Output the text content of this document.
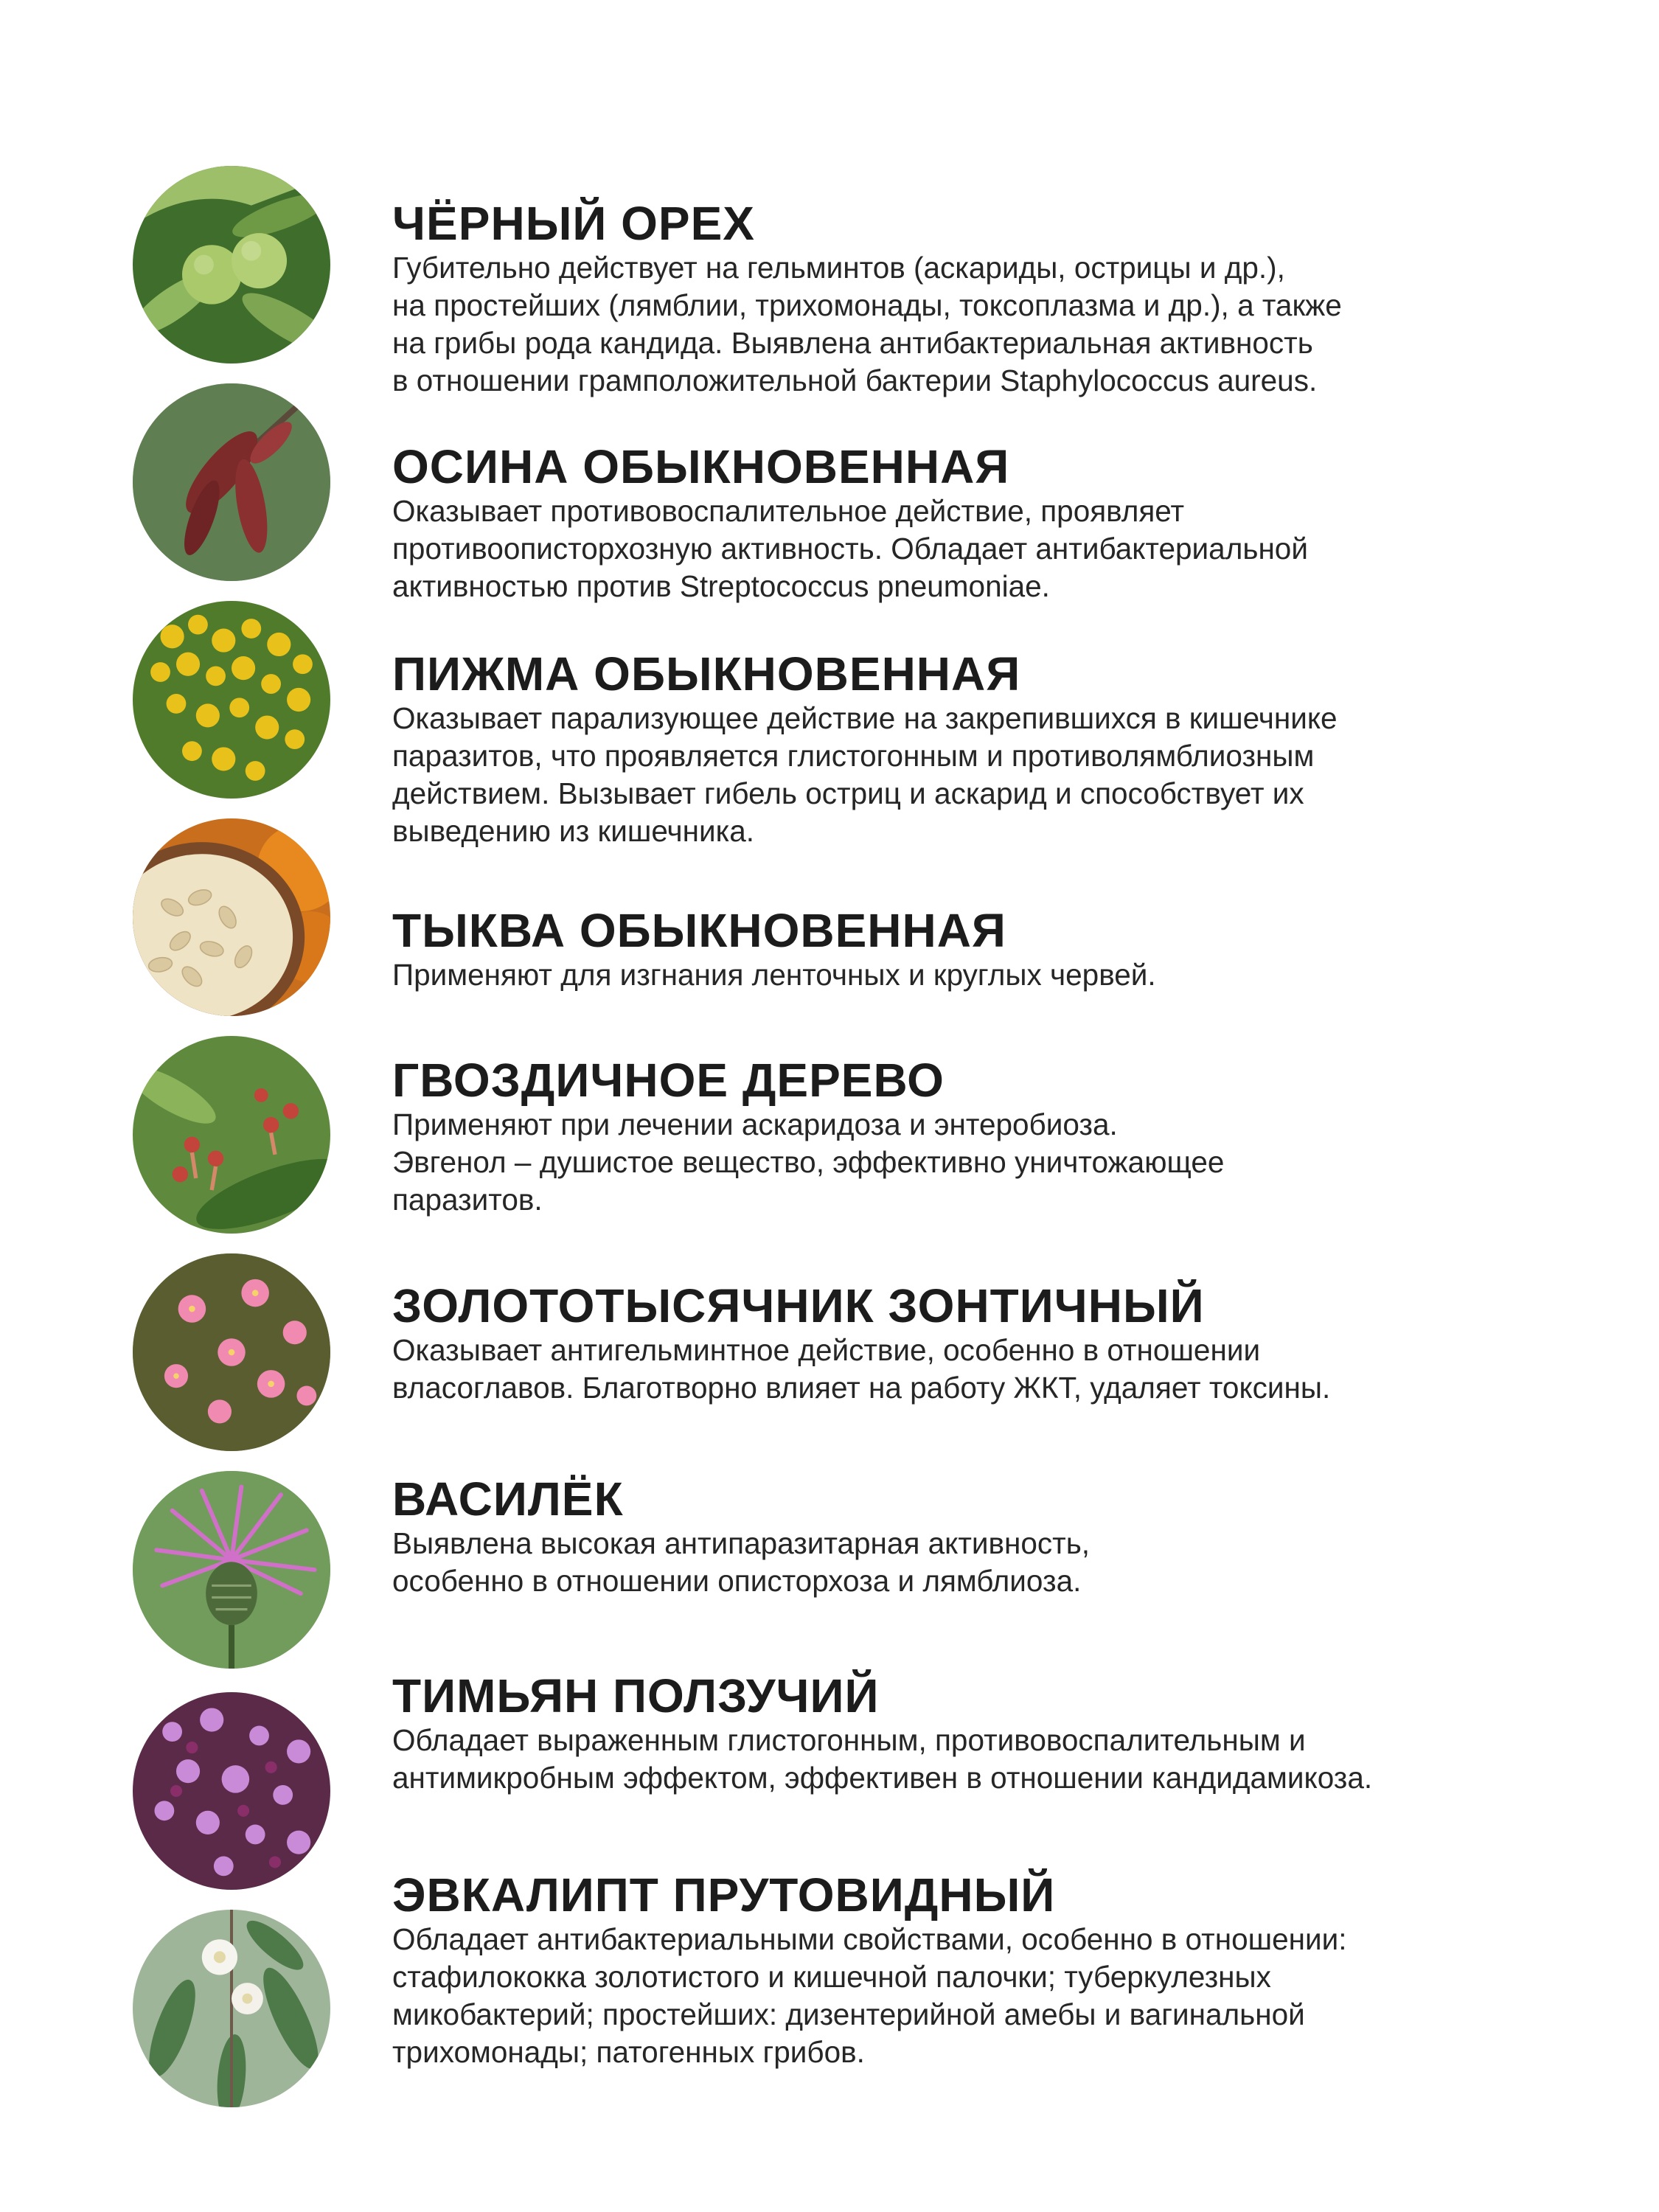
ЧЁРНЫЙ ОРЕХ

Губительно действует на гельминтов (аскариды, острицы и др.),
на простейших (лямблии, трихомонады, токсоплазма и др.), а также
на грибы рода кандида. Выявлена антибактериальная активность
в отношении грамположительной бактерии Staphylococcus aureus.

ОСИНА ОБЫКНОВЕННАЯ

Оказывает противовоспалительное действие, проявляет
противоописторхозную активность. Обладает антибактериальной
активностью против Streptococcus pneumoniae.

ПИЖМА ОБЫКНОВЕННАЯ

Оказывает парализующее действие на закрепившихся в кишечнике
паразитов, что проявляется глистогонным и противолямблиозным
действием. Вызывает гибель остриц и аскарид и способствует их
выведению из кишечника.

ТЫКВА ОБЫКНОВЕННАЯ

Применяют для изгнания ленточных и круглых червей.

ГВОЗДИЧНОЕ ДЕРЕВО

Применяют при лечении аскаридоза и энтеробиоза.
Эвгенол – душистое вещество, эффективно уничтожающее
паразитов.

ЗОЛОТОТЫСЯЧНИК ЗОНТИЧНЫЙ

Оказывает антигельминтное действие, особенно в отношении
власоглавов. Благотворно влияет на работу ЖКТ, удаляет токсины.

ВАСИЛЁК

Выявлена высокая антипаразитарная активность,
особенно в отношении описторхоза и лямблиоза.

ТИМЬЯН ПОЛЗУЧИЙ

Обладает выраженным глистогонным, противовоспалительным и
антимикробным эффектом, эффективен в отношении кандидамикоза.

ЭВКАЛИПТ ПРУТОВИДНЫЙ

Обладает антибактериальными свойствами, особенно в отношении:
стафилококка золотистого и кишечной палочки; туберкулезных
микобактерий; простейших: дизентерийной амебы и вагинальной
трихомонады; патогенных грибов.
